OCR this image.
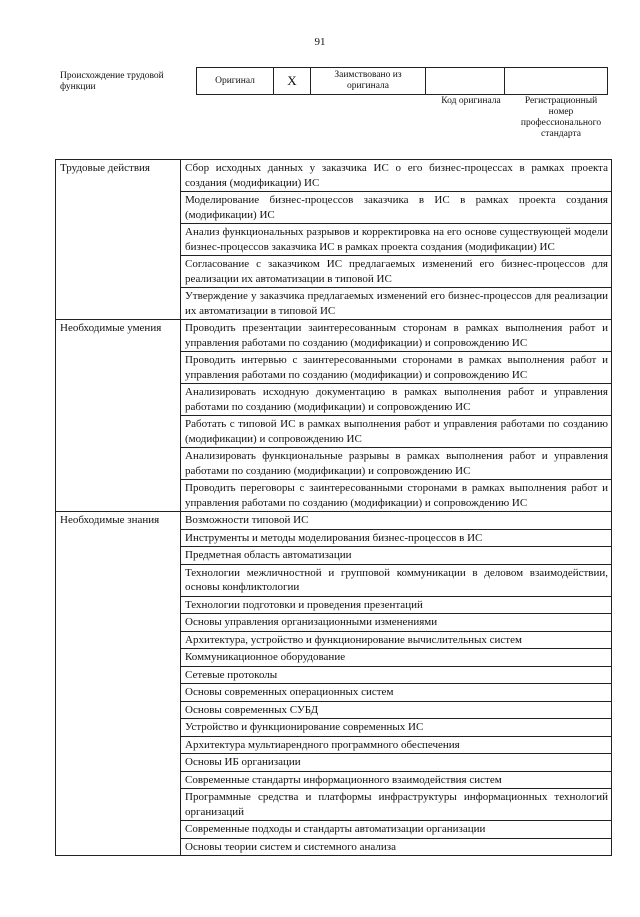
91
Происхождение трудовой функции
Оригинал	X	Заимствовано из оригинала		
Код оригинала	Регистрационный номер профессионального стандарта
Трудовые действия	Сбор исходных данных у заказчика ИС о его бизнес-процессах в рамках проекта создания (модификации) ИС
	Моделирование бизнес-процессов заказчика в ИС в рамках проекта создания (модификации) ИС
	Анализ функциональных разрывов и корректировка на его основе существующей модели бизнес-процессов заказчика ИС в рамках проекта создания (модификации) ИС
	Согласование с заказчиком ИС предлагаемых изменений его бизнес-процессов для реализации их автоматизации в типовой ИС
	Утверждение у заказчика предлагаемых изменений его бизнес-процессов для реализации их автоматизации в типовой ИС
Необходимые умения	Проводить презентации заинтересованным сторонам в рамках выполнения работ и управления работами по созданию (модификации) и сопровождению ИС
	Проводить интервью с заинтересованными сторонами в рамках выполнения работ и управления работами по созданию (модификации) и сопровождению ИС
	Анализировать исходную документацию в рамках выполнения работ и управления работами по созданию (модификации) и сопровождению ИС
	Работать с типовой ИС в рамках выполнения работ и управления работами по созданию (модификации) и сопровождению ИС
	Анализировать функциональные разрывы в рамках выполнения работ и управления работами по созданию (модификации) и сопровождению ИС
	Проводить переговоры с заинтересованными сторонами в рамках выполнения работ и управления работами по созданию (модификации) и сопровождению ИС
Необходимые знания	Возможности типовой ИС
	Инструменты и методы моделирования бизнес-процессов в ИС
	Предметная область автоматизации
	Технологии межличностной и групповой коммуникации в деловом взаимодействии, основы конфликтологии
	Технологии подготовки и проведения презентаций
	Основы управления организационными изменениями
	Архитектура, устройство и функционирование вычислительных систем
	Коммуникационное оборудование
	Сетевые протоколы
	Основы современных операционных систем
	Основы современных СУБД
	Устройство и функционирование современных ИС
	Архитектура мультиарендного программного обеспечения
	Основы ИБ организации
	Современные стандарты информационного взаимодействия систем
	Программные средства и платформы инфраструктуры информационных технологий организаций
	Современные подходы и стандарты автоматизации организации
	Основы теории систем и системного анализа
